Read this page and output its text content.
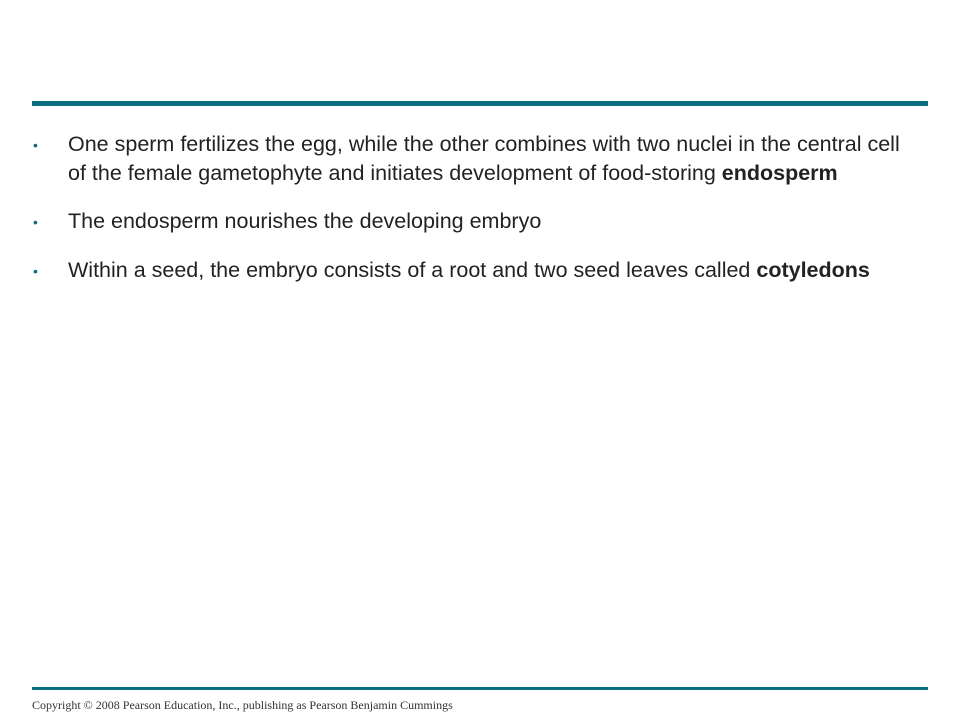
• One sperm fertilizes the egg, while the other combines with two nuclei in the central cell of the female gametophyte and initiates development of food-storing endosperm
• The endosperm nourishes the developing embryo
• Within a seed, the embryo consists of a root and two seed leaves called cotyledons
Copyright © 2008 Pearson Education, Inc., publishing as Pearson Benjamin Cummings
